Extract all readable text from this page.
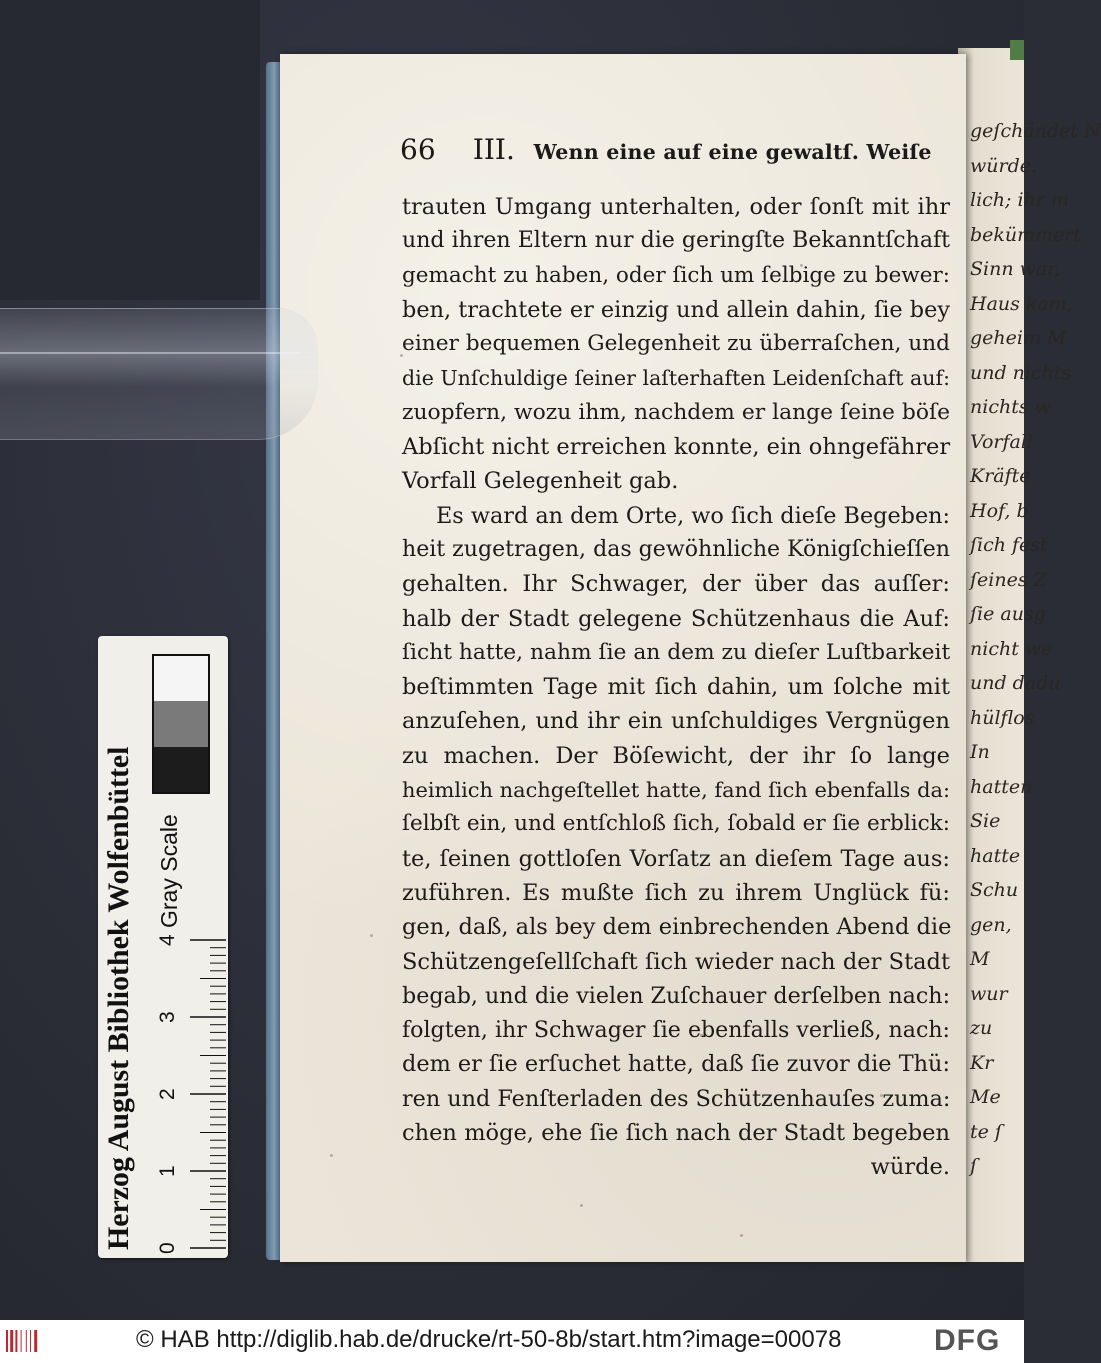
geſchändet N
würde.
lich; ihr m
bekümmert
Sinn war,
Haus kam,
geheim M
und nichts
nichts w
Vorfall
Kräfte
Hof, b
ſich fest
ſeines Z
ſie ausg
nicht we
und dadu
hülflos
In
hatten
Sie
hatte
Schu
gen,
M
wur
zu
Kr
Me
te ſ
ſ
66 III. Wenn eine auf eine gewaltſ. Weiſe
trauten Umgang unterhalten, oder ſonſt mit ihr
und ihren Eltern nur die geringſte Bekanntſchaft
gemacht zu haben, oder ſich um ſelbige zu bewer:
ben, trachtete er einzig und allein dahin, ſie bey
einer bequemen Gelegenheit zu überraſchen, und
die Unſchuldige ſeiner laſterhaften Leidenſchaft auf:
zuopfern, wozu ihm, nachdem er lange ſeine böſe
Abſicht nicht erreichen konnte, ein ohngefährer
Vorfall Gelegenheit gab.
Es ward an dem Orte, wo ſich dieſe Begeben:
heit zugetragen, das gewöhnliche Königſchieſſen
gehalten. Ihr Schwager, der über das auſſer:
halb der Stadt gelegene Schützenhaus die Auf:
ſicht hatte, nahm ſie an dem zu dieſer Luſtbarkeit
beſtimmten Tage mit ſich dahin, um ſolche mit
anzuſehen, und ihr ein unſchuldiges Vergnügen
zu machen. Der Böſewicht, der ihr ſo lange
heimlich nachgeſtellet hatte, fand ſich ebenfalls da:
ſelbſt ein, und entſchloß ſich, ſobald er ſie erblick:
te, ſeinen gottloſen Vorſatz an dieſem Tage aus:
zuführen. Es mußte ſich zu ihrem Unglück fü:
gen, daß, als bey dem einbrechenden Abend die
Schützengeſellſchaft ſich wieder nach der Stadt
begab, und die vielen Zuſchauer derſelben nach:
folgten, ihr Schwager ſie ebenfalls verließ, nach:
dem er ſie erſuchet hatte, daß ſie zuvor die Thü:
ren und Fenſterladen des Schützenhauſes zuma:
chen möge, ehe ſie ſich nach der Stadt begeben
würde.
Herzog August Bibliothek Wolfenbüttel 0
1
2
3
4
Gray Scale
© HAB http://diglib.hab.de/drucke/rt-50-8b/start.htm?image=00078	DFG
